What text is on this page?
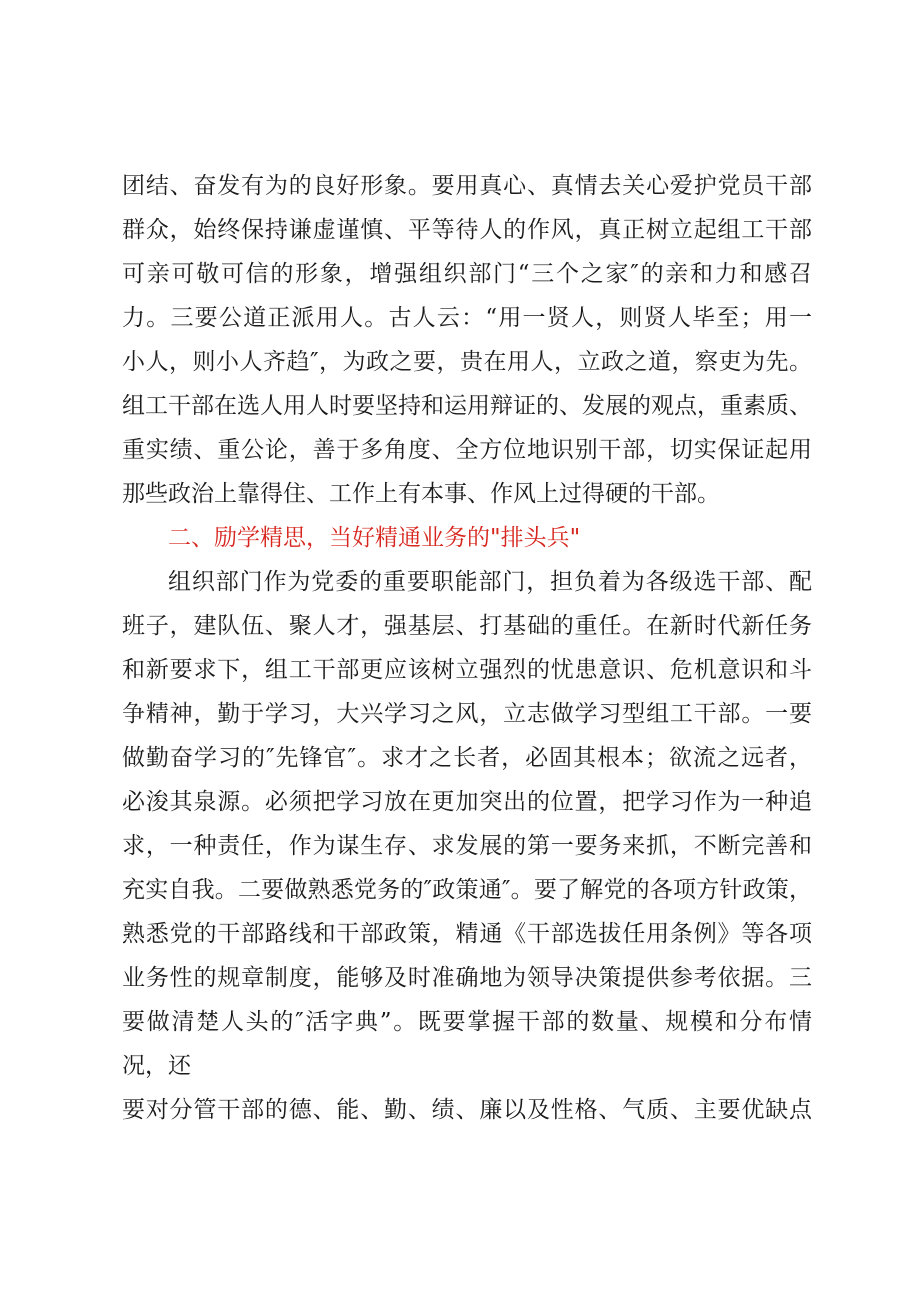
团结、奋发有为的良好形象。要用真心、真情去关心爱护党员干部
群众，始终保持谦虚谨慎、平等待人的作风，真正树立起组工干部
可亲可敬可信的形象，增强组织部门“三个之家″的亲和力和感召
力。三要公道正派用人。古人云：“用一贤人，则贤人毕至；用一
小人，则小人齐趋″，为政之要，贵在用人，立政之道，察吏为先。
组工干部在选人用人时要坚持和运用辩证的、发展的观点，重素质、
重实绩、重公论，善于多角度、全方位地识别干部，切实保证起用
那些政治上靠得住、工作上有本事、作风上过得硬的干部。
二、励学精思，当好精通业务的"排头兵"
组织部门作为党委的重要职能部门，担负着为各级选干部、配
班子，建队伍、聚人才，强基层、打基础的重任。在新时代新任务
和新要求下，组工干部更应该树立强烈的忧患意识、危机意识和斗
争精神，勤于学习，大兴学习之风，立志做学习型组工干部。一要
做勤奋学习的″先锋官″。求才之长者，必固其根本；欲流之远者，
必浚其泉源。必须把学习放在更加突出的位置，把学习作为一种追
求，一种责任，作为谋生存、求发展的第一要务来抓，不断完善和
充实自我。二要做熟悉党务的″政策通″。要了解党的各项方针政策，
熟悉党的干部路线和干部政策，精通《干部选拔任用条例》等各项
业务性的规章制度，能够及时准确地为领导决策提供参考依据。三
要做清楚人头的″活字典”。既要掌握干部的数量、规模和分布情
况，还
要对分管干部的德、能、勤、绩、廉以及性格、气质、主要优缺点
